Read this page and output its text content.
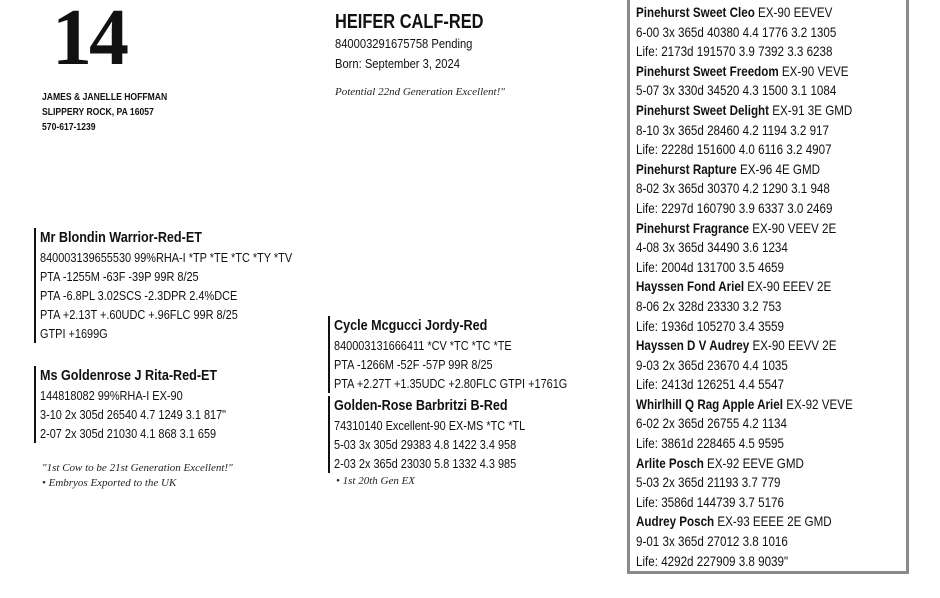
14
JAMES & JANELLE HOFFMAN
SLIPPERY ROCK, PA 16057
570-617-1239
HEIFER CALF-RED
840003291675758 Pending
Born: September 3, 2024
Potential 22nd Generation Excellent!"
Mr Blondin Warrior-Red-ET
840003139655530 99%RHA-I *TP *TE *TC *TY *TV
PTA -1255M -63F -39P 99R 8/25
PTA -6.8PL 3.02SCS -2.3DPR 2.4%DCE
PTA +2.13T +.60UDC +.96FLC 99R 8/25
GTPI +1699G
Ms Goldenrose J Rita-Red-ET
144818082 99%RHA-I EX-90
3-10 2x 305d 26540 4.7 1249 3.1 817"
2-07 2x 305d 21030 4.1 868 3.1 659
"1st Cow to be 21st Generation Excellent!"
• Embryos Exported to the UK
Cycle Mcgucci Jordy-Red
840003131666411 *CV *TC *TC *TE
PTA -1266M -52F -57P 99R 8/25
PTA +2.27T +1.35UDC +2.80FLC GTPI +1761G
Golden-Rose Barbritzi B-Red
74310140 Excellent-90 EX-MS *TC *TL
5-03 3x 305d 29383 4.8 1422 3.4 958
2-03 2x 365d 23030 5.8 1332 4.3 985
• 1st 20th Gen EX
Pinehurst Sweet Cleo EX-90 EEVEV
6-00 3x 365d 40380 4.4 1776 3.2 1305
Life: 2173d 191570 3.9 7392 3.3 6238
Pinehurst Sweet Freedom EX-90 VEVE
5-07 3x 330d 34520 4.3 1500 3.1 1084
Pinehurst Sweet Delight EX-91 3E GMD
8-10 3x 365d 28460 4.2 1194 3.2 917
Life: 2228d 151600 4.0 6116 3.2 4907
Pinehurst Rapture EX-96 4E GMD
8-02 3x 365d 30370 4.2 1290 3.1 948
Life: 2297d 160790 3.9 6337 3.0 2469
Pinehurst Fragrance EX-90 VEEV 2E
4-08 3x 365d 34490 3.6 1234
Life: 2004d 131700 3.5 4659
Hayssen Fond Ariel EX-90 EEEV 2E
8-06 2x 328d 23330 3.2 753
Life: 1936d 105270 3.4 3559
Hayssen D V Audrey EX-90 EEVV 2E
9-03 2x 365d 23670 4.4 1035
Life: 2413d 126251 4.4 5547
Whirlhill Q Rag Apple Ariel EX-92 VEVE
6-02 2x 365d 26755 4.2 1134
Life: 3861d 228465 4.5 9595
Arlite Posch EX-92 EEVE GMD
5-03 2x 365d 21193 3.7 779
Life: 3586d 144739 3.7 5176
Audrey Posch EX-93 EEEE 2E GMD
9-01 3x 365d 27012 3.8 1016
Life: 4292d 227909 3.8 9039"
